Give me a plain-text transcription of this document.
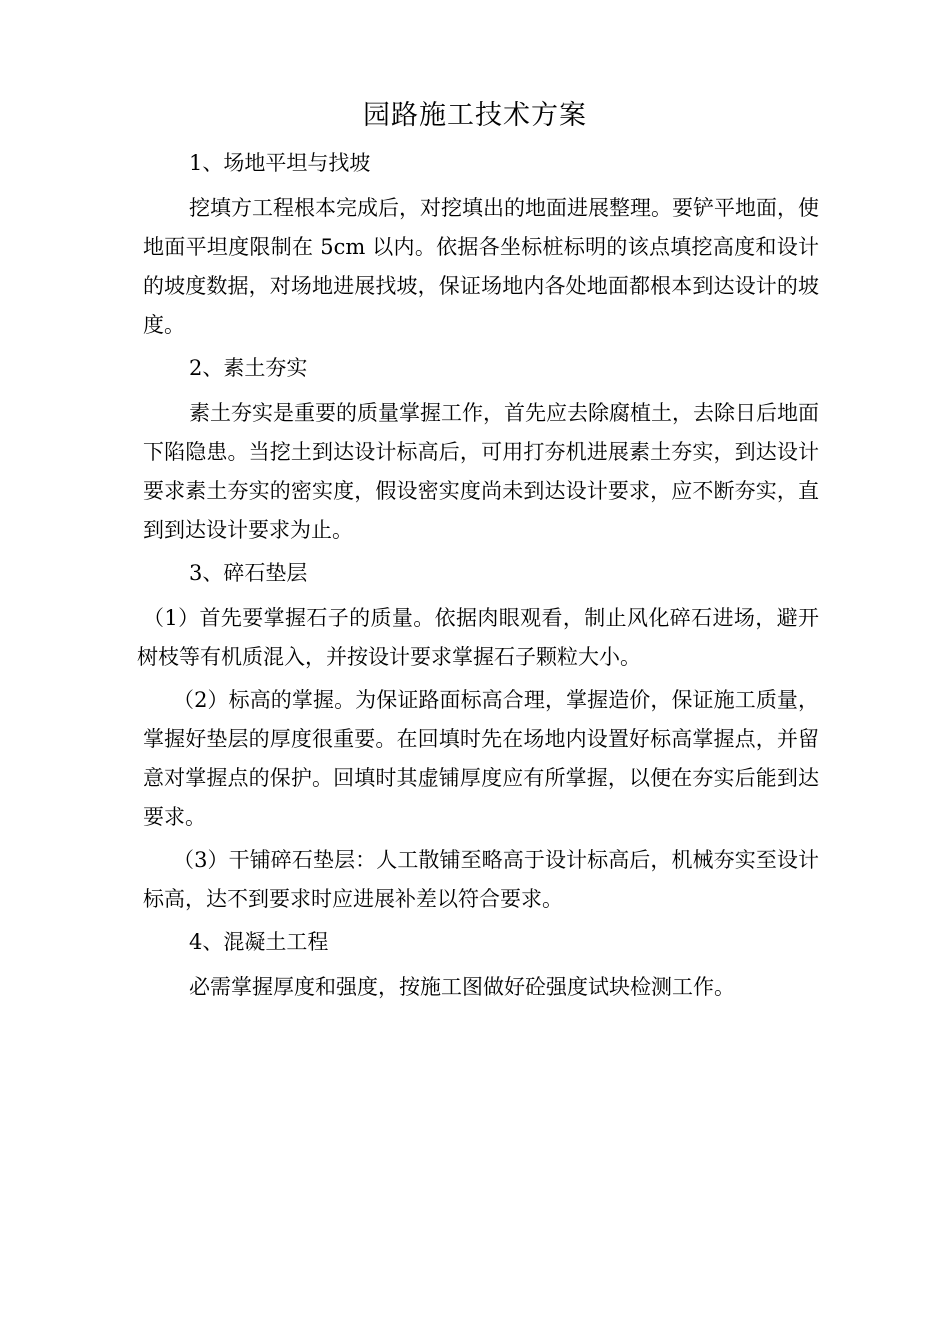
园路施工技术方案

1、场地平坦与找坡

挖填方工程根本完成后，对挖填出的地面进展整理。要铲平地面，使地面平坦度限制在 5cm 以内。依据各坐标桩标明的该点填挖高度和设计的坡度数据，对场地进展找坡，保证场地内各处地面都根本到达设计的坡度。

2、素土夯实

素土夯实是重要的质量掌握工作，首先应去除腐植土，去除日后地面下陷隐患。当挖土到达设计标高后，可用打夯机进展素土夯实，到达设计要求素土夯实的密实度，假设密实度尚未到达设计要求，应不断夯实，直到到达设计要求为止。

3、碎石垫层

（1）首先要掌握石子的质量。依据肉眼观看，制止风化碎石进场，避开树枝等有机质混入，并按设计要求掌握石子颗粒大小。

（2）标高的掌握。为保证路面标高合理，掌握造价，保证施工质量，掌握好垫层的厚度很重要。在回填时先在场地内设置好标高掌握点，并留意对掌握点的保护。回填时其虚铺厚度应有所掌握，以便在夯实后能到达要求。

（3）干铺碎石垫层：人工散铺至略高于设计标高后，机械夯实至设计标高，达不到要求时应进展补差以符合要求。

4、混凝土工程

必需掌握厚度和强度，按施工图做好砼强度试块检测工作。
